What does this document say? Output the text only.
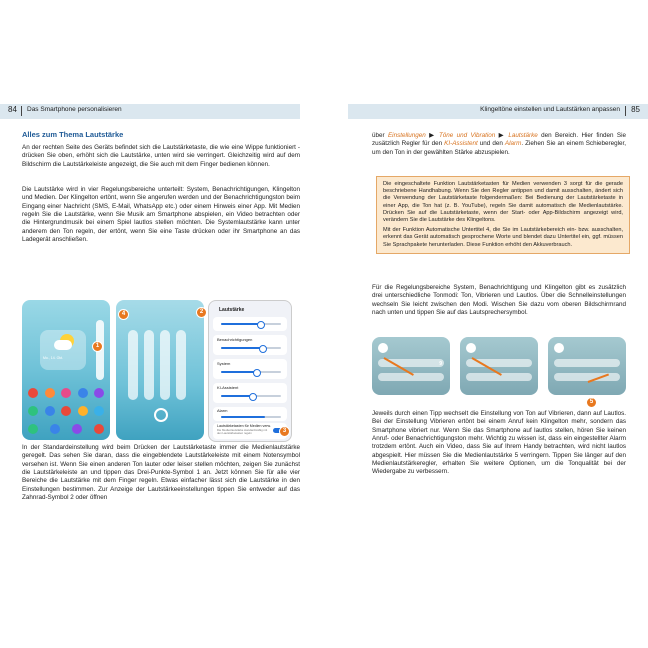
84 Das Smartphone personalisieren

Alles zum Thema Lautstärke

An der rechten Seite des Geräts befindet sich die Lautstärketaste, die wie eine Wippe funktioniert - drücken Sie oben, erhöht sich die Lautstärke, unten wird sie verringert. Gleichzeitig wird auf dem Bildschirm die Lautstärkeleiste angezeigt, die Sie auch mit dem Finger bedienen können.

Die Lautstärke wird in vier Regelungsbereiche unterteilt: System, Benachrichtigungen, Klingelton und Medien. Der Klingelton ertönt, wenn Sie angerufen werden und der Benachrichtigungston beim Eingang einer Nachricht (SMS, E-Mail, WhatsApp etc.) oder einem Hinweis einer App. Mit Medien regeln Sie die Lautstärke, wenn Sie Musik am Smartphone abspielen, ein Video betrachten oder die Hintergrundmusik bei einem Spiel lautlos stellen möchten. Die Systemlautstärke kann unter anderem den Ton regeln, der ertönt, wenn Sie eine Taste drücken oder ihr Smartphone an das Ladegerät anschließen.

Mo., 14. Okt.
1
4
Lautstärke
Benachrichtigungen
System
KI-Assistent
Alarm
Lautstärketasten für Medien verw.
Die Medienlautstärke standardmäßig mit den Lautstärketasten regeln	3
2

In der Standardeinstellung wird beim Drücken der Lautstärketaste immer die Medienlautstärke geregelt. Das sehen Sie daran, dass die eingeblendete Lautstärkeleiste mit einem Notensymbol versehen ist. Wenn Sie einen anderen Ton lauter oder leiser stellen möchten, zeigen Sie zunächst die Lautstärkeleiste an und tippen das Drei-Punkte-Symbol 1 an. Jetzt können Sie für alle vier Bereiche die Lautstärke mit dem Finger regeln. Etwas einfacher lässt sich die Lautstärke in den Einstellungen bestimmen. Zur Anzeige der Lautstärkeeinstellungen tippen Sie entweder auf das Zahnrad-Symbol 2 oder öffnen

Klingeltöne einstellen und Lautstärken anpassen 85

über Einstellungen ▶ Töne und Vibration ▶ Lautstärke den Bereich. Hier finden Sie zusätzlich Regler für den KI-Assistent und den Alarm. Ziehen Sie an einem Schieberegler, um den Ton in der gewählten Stärke abzuspielen.

Die eingeschaltete Funktion Lautstärketasten für Medien verwenden 3 sorgt für die gerade beschriebene Handhabung. Wenn Sie den Regler antippen und damit ausschalten, ändert sich die Verwendung der Lautstärketaste folgendermaßen: Bei Bedienung der Lautstärketaste in einer App, die Ton hat (z. B. YouTube), regeln Sie damit automatisch die Medienlautstärke. Drücken Sie auf die Lautstärketaste, wenn der Start- oder App-Bildschirm angezeigt wird, verändern Sie die Lautstärke des Klingeltons.

Mit der Funktion Automatische Untertitel 4, die Sie im Lautstärkebereich ein- bzw. ausschalten, erkennt das Gerät automatisch gesprochene Worte und blendet dazu Untertitel ein, ggf. müssen Sie Sprachpakete herunterladen. Diese Funktion erhöht den Akkuverbrauch.

Für die Regelungsbereiche System, Benachrichtigung und Klingelton gibt es zusätzlich drei unterschiedliche Tonmodi: Ton, Vibrieren und Lautlos. Über die Schnelleinstellungen wechseln Sie leicht zwischen den Modi. Wischen Sie dazu vom oberen Bildschirmrand nach unten und tippen Sie auf das Lautsprechersymbol.

9
5

Jeweils durch einen Tipp wechselt die Einstellung von Ton auf Vibrieren, dann auf Lautlos. Bei der Einstellung Vibrieren ertönt bei einem Anruf kein Klingelton mehr, sondern das Smartphone vibriert nur. Wenn Sie das Smartphone auf lautlos stellen, hören Sie keinen Anruf- oder Benachrichtigungston mehr. Wichtig zu wissen ist, dass ein eingestellter Alarm trotzdem ertönt. Auch ein Video, dass Sie auf Ihrem Handy betrachten, wird nicht lautlos abgespielt. Hier müssen Sie die Medienlautstärke 5 verringern. Tippen Sie länger auf den Medienlautstärkeregler, erhalten Sie weitere Optionen, um die Tonqualität bei der Wiedergabe zu verbessern.
